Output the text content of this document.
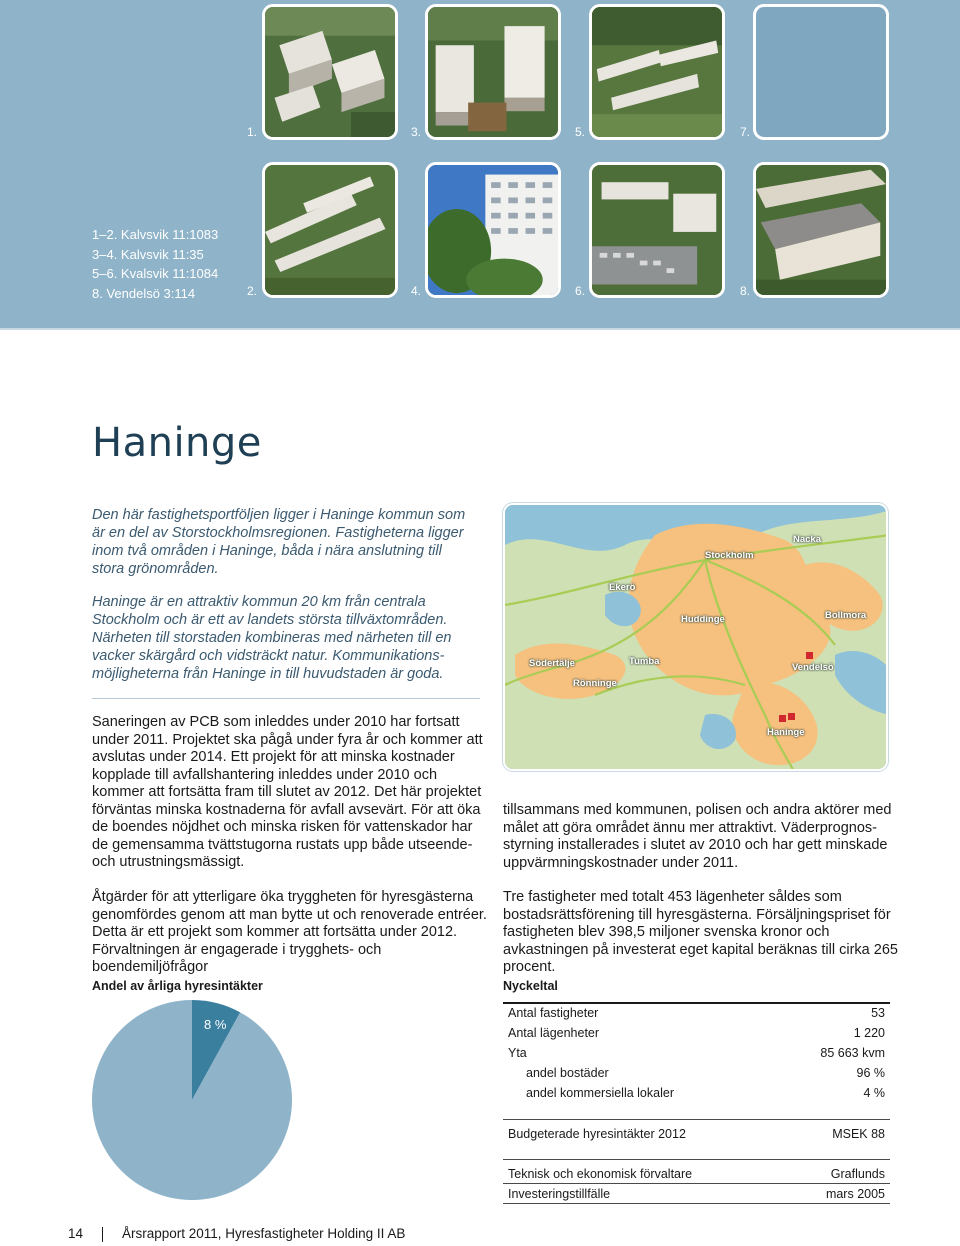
1.	3.	5.	7.
2.	4.	6.	8.
1–2. Kalvsvik 11:1083
3–4. Kalvsvik 11:35
5–6. Kvalsvik 11:1084
8. Vendelsö 3:114
Haninge

Den här fastighetsportföljen ligger i Haninge kommun som är en del av Storstockholmsregionen. Fastigheterna ligger inom två områden i Haninge, båda i nära anslutning till stora grönområden.

Haninge är en attraktiv kommun 20 km från centrala Stockholm och är ett av landets största tillväxtområden. Närheten till storstaden kombineras med närheten till en vacker skärgård och vidsträckt natur. Kommunikations- möjligheterna från Haninge in till huvudstaden är goda.

Stockholm
Nacka
Ekerö
Huddinge	Bollmora
Södertälje	Tumba
Vendelsö
Rönninge
Haninge

Saneringen av PCB som inleddes under 2010 har fortsatt under 2011. Projektet ska pågå under fyra år och kommer att avslutas under 2014. Ett projekt för att minska kostnader kopplade till avfallshantering inleddes under 2010 och kommer att fortsätta fram till slutet av 2012. Det här projektet förväntas minska kostnaderna för avfall avsevärt. För att öka de boendes nöjdhet och minska risken för vattenskador har de gemensamma tvättstugorna rustats upp både utseende- och utrustningsmässigt.

Åtgärder för att ytterligare öka tryggheten för hyresgästerna genomfördes genom att man bytte ut och renoverade entréer. Detta är ett projekt som kommer att fortsätta under 2012. Förvaltningen är engagerade i trygghets- och boendemiljöfrågor

tillsammans med kommunen, polisen och andra aktörer med målet att göra området ännu mer attraktivt. Väderprognos- styrning installerades i slutet av 2010 och har gett minskade uppvärmningskostnader under 2011.

Tre fastigheter med totalt 453 lägenheter såldes som bostadsrättsförening till hyresgästerna. Försäljningspriset för fastigheten blev 398,5 miljoner svenska kronor och avkastningen på investerat eget kapital beräknas till cirka 265 procent.

Andel av årliga hyresintäkter
8 %
Nyckeltal
Antal fastigheter	53
Antal lägenheter	1 220
Yta	85 663 kvm
andel bostäder	96 %
andel kommersiella lokaler	4 %
Budgeterade hyresintäkter 2012	MSEK 88
Teknisk och ekonomisk förvaltare	Graflunds
Investeringstillfälle	mars 2005
14	Årsrapport 2011, Hyresfastigheter Holding II AB
